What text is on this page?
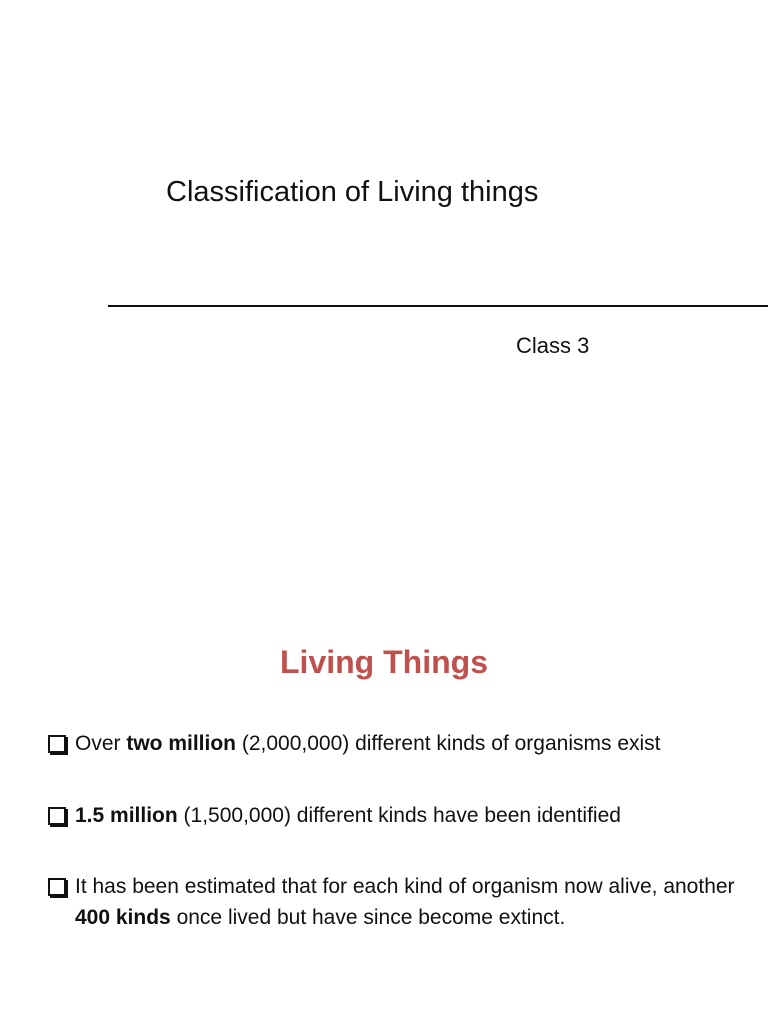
Classification of Living things
Class 3
Living Things
Over two million (2,000,000) different kinds of organisms exist
1.5 million (1,500,000) different kinds have been identified
It has been estimated that for each kind of organism now alive, another 400 kinds once lived but have since become extinct.
